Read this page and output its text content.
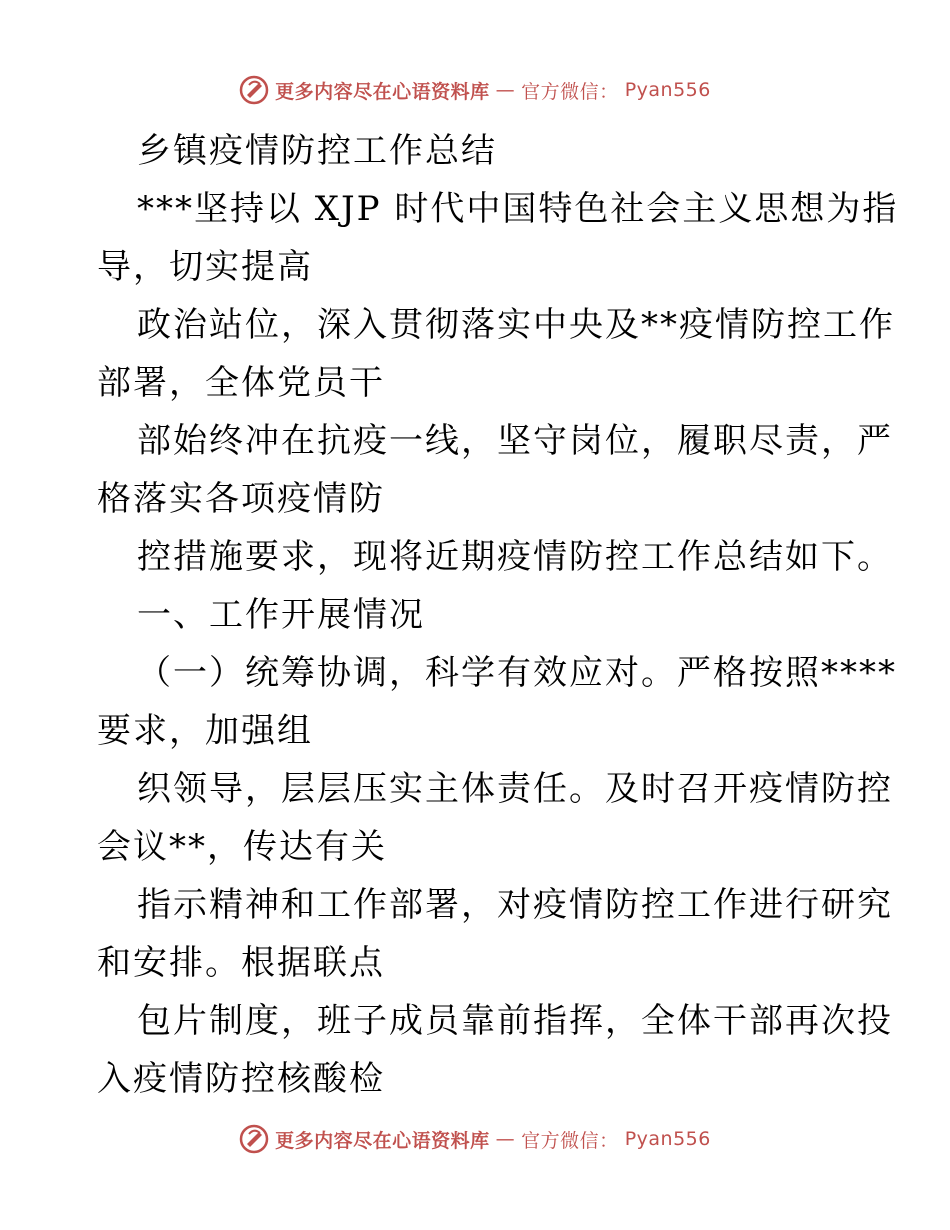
更多内容尽在心语资料库 — 官方微信： Pyan556
乡镇疫情防控工作总结
***坚持以 XJP 时代中国特色社会主义思想为指
导，切实提高
政治站位，深入贯彻落实中央及**疫情防控工作
部署，全体党员干
部始终冲在抗疫一线，坚守岗位，履职尽责，严
格落实各项疫情防
控措施要求，现将近期疫情防控工作总结如下。
一、工作开展情况
（一）统筹协调，科学有效应对。严格按照****
要求，加强组
织领导，层层压实主体责任。及时召开疫情防控
会议**，传达有关
指示精神和工作部署，对疫情防控工作进行研究
和安排。根据联点
包片制度，班子成员靠前指挥，全体干部再次投
入疫情防控核酸检
更多内容尽在心语资料库 — 官方微信： Pyan556
